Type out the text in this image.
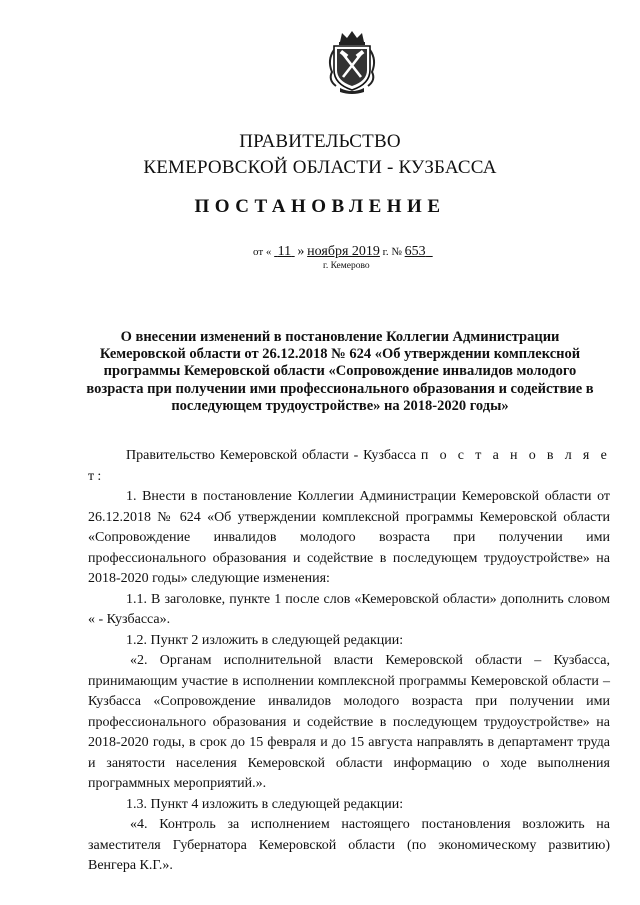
ПРАВИТЕЛЬСТВО
КЕМЕРОВСКОЙ ОБЛАСТИ - КУЗБАССА
ПОСТАНОВЛЕНИЕ
от « 11 » ноября 2019 г. № 653
г. Кемерово
О внесении изменений в постановление Коллегии Администрации Кемеровской области от 26.12.2018 № 624 «Об утверждении комплексной программы Кемеровской области «Сопровождение инвалидов молодого возраста при получении ими профессионального образования и содействие в последующем трудоустройстве» на 2018-2020 годы»

Правительство Кемеровской области - Кузбасса п о с т а н о в л я е т:

1. Внести в постановление Коллегии Администрации Кемеровской области от 26.12.2018 № 624 «Об утверждении комплексной программы Кемеровской области «Сопровождение инвалидов молодого возраста при получении ими профессионального образования и содействие в последующем трудоустройстве» на 2018-2020 годы» следующие изменения:

1.1. В заголовке, пункте 1 после слов «Кемеровской области» дополнить словом « - Кузбасса».

1.2. Пункт 2 изложить в следующей редакции:

«2. Органам исполнительной власти Кемеровской области – Кузбасса, принимающим участие в исполнении комплексной программы Кемеровской области – Кузбасса «Сопровождение инвалидов молодого возраста при получении ими профессионального образования и содействие в последующем трудоустройстве» на 2018-2020 годы, в срок до 15 февраля и до 15 августа направлять в департамент труда и занятости населения Кемеровской области информацию о ходе выполнения программных мероприятий.».

1.3. Пункт 4 изложить в следующей редакции:

«4. Контроль за исполнением настоящего постановления возложить на заместителя Губернатора Кемеровской области (по экономическому развитию) Венгера К.Г.».
